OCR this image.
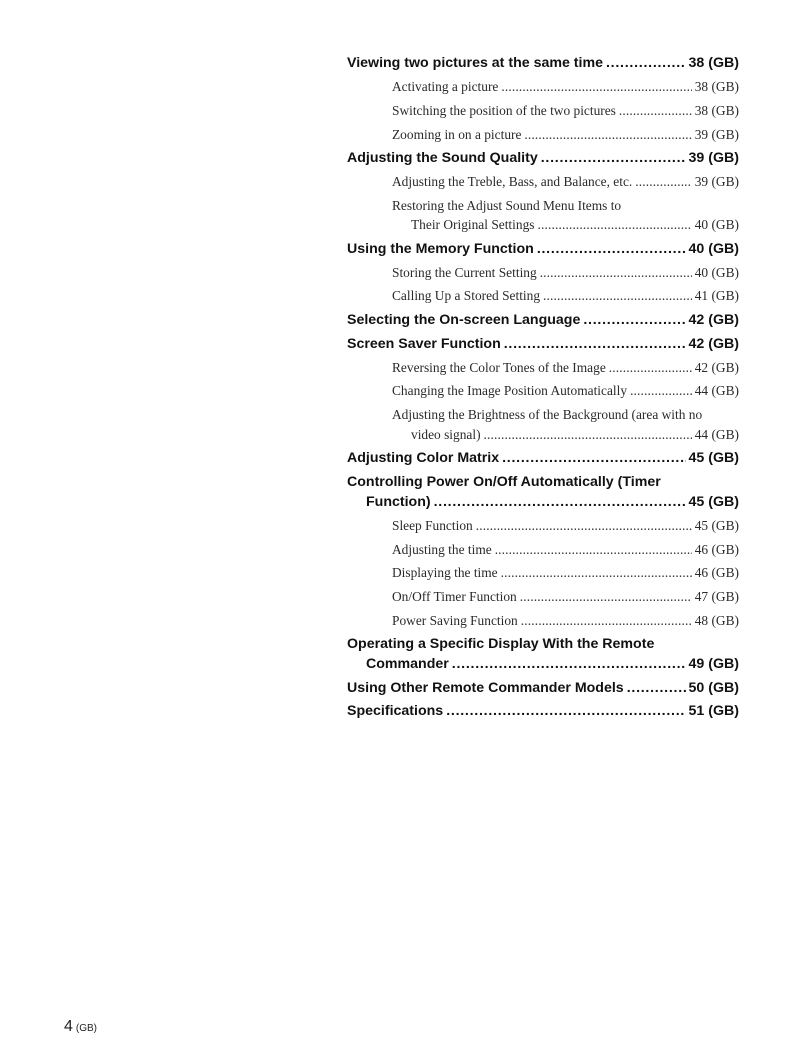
Viewing two pictures at the same time . . .	38 (GB)
Activating a picture . . .	38 (GB)
Switching the position of the two pictures . . .	38 (GB)
Zooming in on a picture . . .	39 (GB)
Adjusting the Sound Quality . . .	39 (GB)
Adjusting the Treble, Bass, and Balance, etc. . . .	39 (GB)
Restoring the Adjust Sound Menu Items to
Their Original Settings . . .	40 (GB)
Using the Memory Function . . .	40 (GB)
Storing the Current Setting . . .	40 (GB)
Calling Up a Stored Setting . . .	41 (GB)
Selecting the On-screen Language . . .	42 (GB)
Screen Saver Function . . .	42 (GB)
Reversing the Color Tones of the Image . . .	42 (GB)
Changing the Image Position Automatically . . .	44 (GB)
Adjusting the Brightness of the Background (area with no
video signal) . . .	44 (GB)
Adjusting Color Matrix . . .	45 (GB)
Controlling Power On/Off Automatically (Timer
Function) . . .	45 (GB)
Sleep Function . . .	45 (GB)
Adjusting the time . . .	46 (GB)
Displaying the time . . .	46 (GB)
On/Off Timer Function . . .	47 (GB)
Power Saving Function . . .	48 (GB)
Operating a Specific Display With the Remote
Commander . . .	49 (GB)
Using Other Remote Commander Models . . .	50 (GB)
Specifications . . .	51 (GB)
4 (GB)
